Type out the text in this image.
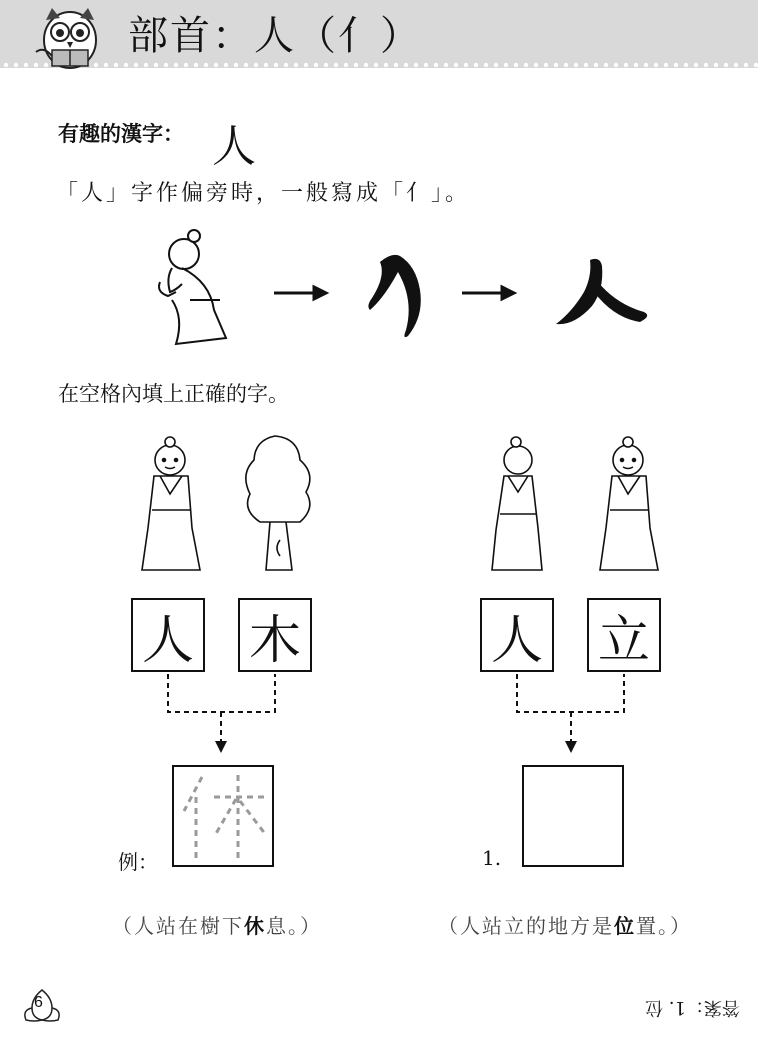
部首：人（亻）
有趣的漢字： 人
「人」字作偏旁時，一般寫成「亻」。
在空格內填上正確的字。
人 木	人 立
例：	1.
（人站在樹下休息。）	（人站立的地方是位置。）
6	答案：1. 位
